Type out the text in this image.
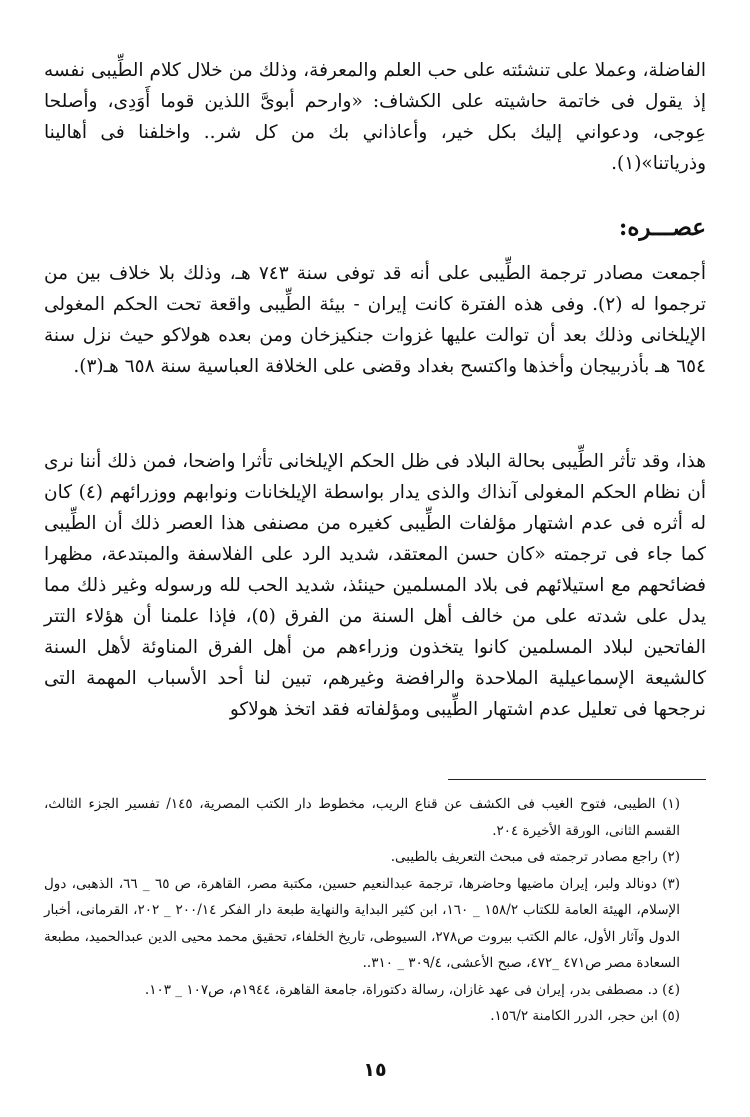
الفاضلة، وعملا على تنشئته على حب العلم والمعرفة، وذلك من خلال كلام الطِّيبى نفسه إذ يقول فى خاتمة حاشيته على الكشاف: «وارحم أبوىَّ اللذين قوما أَوَدِى، وأصلحا عِوجى، ودعواني إليك بكل خير، وأعاذاني بك من كل شر.. واخلفنا فى أهالينا وذرياتنا»(١).

عصـــره:

أجمعت مصادر ترجمة الطِّيبى على أنه قد توفى سنة ٧٤٣ هـ، وذلك بلا خلاف بين من ترجموا له (٢). وفى هذه الفترة كانت إيران - بيئة الطِّيبى واقعة تحت الحكم المغولى الإيلخانى وذلك بعد أن توالت عليها غزوات جنكيزخان ومن بعده هولاكو حيث نزل سنة ٦٥٤ هـ بأذربيجان وأخذها واكتسح بغداد وقضى على الخلافة العباسية سنة ٦٥٨ هـ(٣).

هذا، وقد تأثر الطِّيبى بحالة البلاد فى ظل الحكم الإيلخانى تأثرا واضحا، فمن ذلك أننا نرى أن نظام الحكم المغولى آنذاك والذى يدار بواسطة الإيلخانات ونوابهم ووزرائهم (٤) كان له أثره فى عدم اشتهار مؤلفات الطِّيبى كغيره من مصنفى هذا العصر ذلك أن الطِّيبى كما جاء فى ترجمته «كان حسن المعتقد، شديد الرد على الفلاسفة والمبتدعة، مظهرا فضائحهم مع استيلائهم فى بلاد المسلمين حينئذ، شديد الحب لله ورسوله وغير ذلك مما يدل على شدته على من خالف أهل السنة من الفرق (٥)، فإذا علمنا أن هؤلاء التتر الفاتحين لبلاد المسلمين كانوا يتخذون وزراءهم من أهل الفرق المناوئة لأهل السنة كالشيعة الإسماعيلية الملاحدة والرافضة وغيرهم، تبين لنا أحد الأسباب المهمة التى نرجحها فى تعليل عدم اشتهار الطِّيبى ومؤلفاته فقد اتخذ هولاكو

(١) الطيبى، فتوح الغيب فى الكشف عن قناع الريب، مخطوط دار الكتب المصرية، ١٤٥/ تفسير الجزء الثالث، القسم الثانى، الورقة الأخيرة ٢٠٤.

(٢) راجع مصادر ترجمته فى مبحث التعريف بالطيبى.

(٣) دونالد ولبر، إيران ماضيها وحاضرها، ترجمة عبدالنعيم حسين، مكتبة مصر، القاهرة، ص ٦٥ _ ٦٦، الذهبى، دول الإسلام، الهيئة العامة للكتاب ١٥٨/٢ _ ١٦٠، ابن كثير البداية والنهاية طبعة دار الفكر ٢٠٠/١٤ _ ٢٠٢، القرمانى، أخبار الدول وآثار الأول، عالم الكتب بيروت ص٢٧٨، السيوطى، تاريخ الخلفاء، تحقيق محمد محيى الدين عبدالحميد، مطبعة السعادة مصر ص٤٧١ _٤٧٢، صبح الأعشى، ٣٠٩/٤ _ ٣١٠..

(٤) د. مصطفى بدر، إيران فى عهد غازان، رسالة دكتوراة، جامعة القاهرة، ١٩٤٤م، ص١٠٧ _ ١٠٣.

(٥) ابن حجر، الدرر الكامنة ١٥٦/٢.

١٥
